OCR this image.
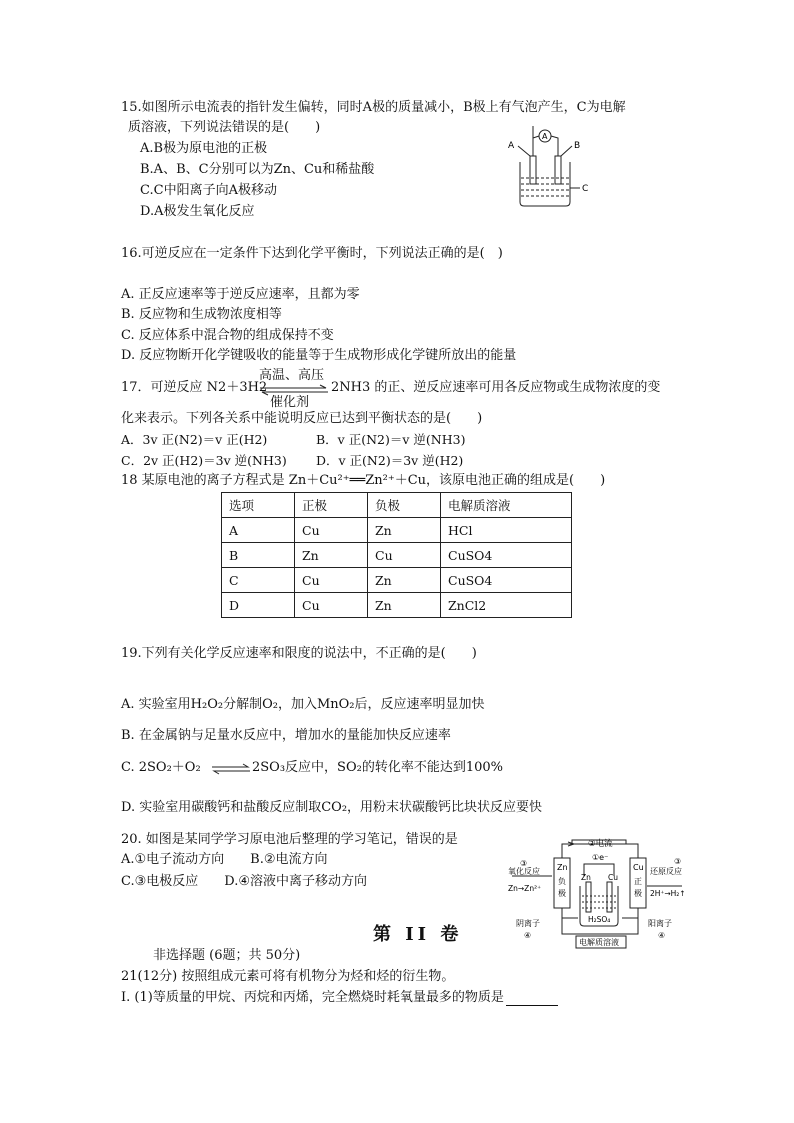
15.如图所示电流表的指针发生偏转，同时A极的质量减小，B极上有气泡产生，C为电解
质溶液，下列说法错误的是(　　)
A.B极为原电池的正极
B.A、B、C分别可以为Zn、Cu和稀盐酸
C.C中阳离子向A极移动
D.A极发生氧化反应
A
A	B
C
16.可逆反应在一定条件下达到化学平衡时，下列说法正确的是(　)
A. 正反应速率等于逆反应速率，且都为零
B. 反应物和生成物浓度相等
C. 反应体系中混合物的组成保持不变
D. 反应物断开化学键吸收的能量等于生成物形成化学键所放出的能量
高温、高压
17．可逆反应 N2＋3H2	2NH3 的正、逆反应速率可用各反应物或生成物浓度的变
催化剂
化来表示。下列各关系中能说明反应已达到平衡状态的是(　　)
A．3v 正(N2)＝v 正(H2)	B．v 正(N2)＝v 逆(NH3)
C．2v 正(H2)＝3v 逆(NH3) D．v 正(N2)＝3v 逆(H2)
18 某原电池的离子方程式是 Zn＋Cu²⁺══Zn²⁺＋Cu，该原电池正确的组成是(　　)
选项	正极	负极	电解质溶液
A	Cu	Zn	HCl
B	Zn	Cu	CuSO4
C	Cu	Zn	CuSO4
D	Cu	Zn	ZnCl2
19.下列有关化学反应速率和限度的说法中，不正确的是(　　)
A. 实验室用H₂O₂分解制O₂，加入MnO₂后，反应速率明显加快
B. 在金属钠与足量水反应中，增加水的量能加快反应速率
C. 2SO₂＋O₂	2SO₃反应中，SO₂的转化率不能达到100%
D. 实验室用碳酸钙和盐酸反应制取CO₂，用粉末状碳酸钙比块状反应要快
20. 如图是某同学学习原电池后整理的学习笔记，错误的是
A.①电子流动方向　　B.②电流方向
C.③电极反应　　D.④溶液中离子移动方向
②电流
③
氧化反应
Zn→Zn²⁺
Zn
负
极
①e⁻
Zn Cu
H₂SO₄
Cu
正
极
③
还原反应
2H⁺→H₂↑
阴离子
④
阳离子
④
电解质溶液
第 II 卷
非选择题 (6题；共 50分)
21(12分) 按照组成元素可将有机物分为烃和烃的衍生物。
I. (1)等质量的甲烷、丙烷和丙烯，完全燃烧时耗氧量最多的物质是
